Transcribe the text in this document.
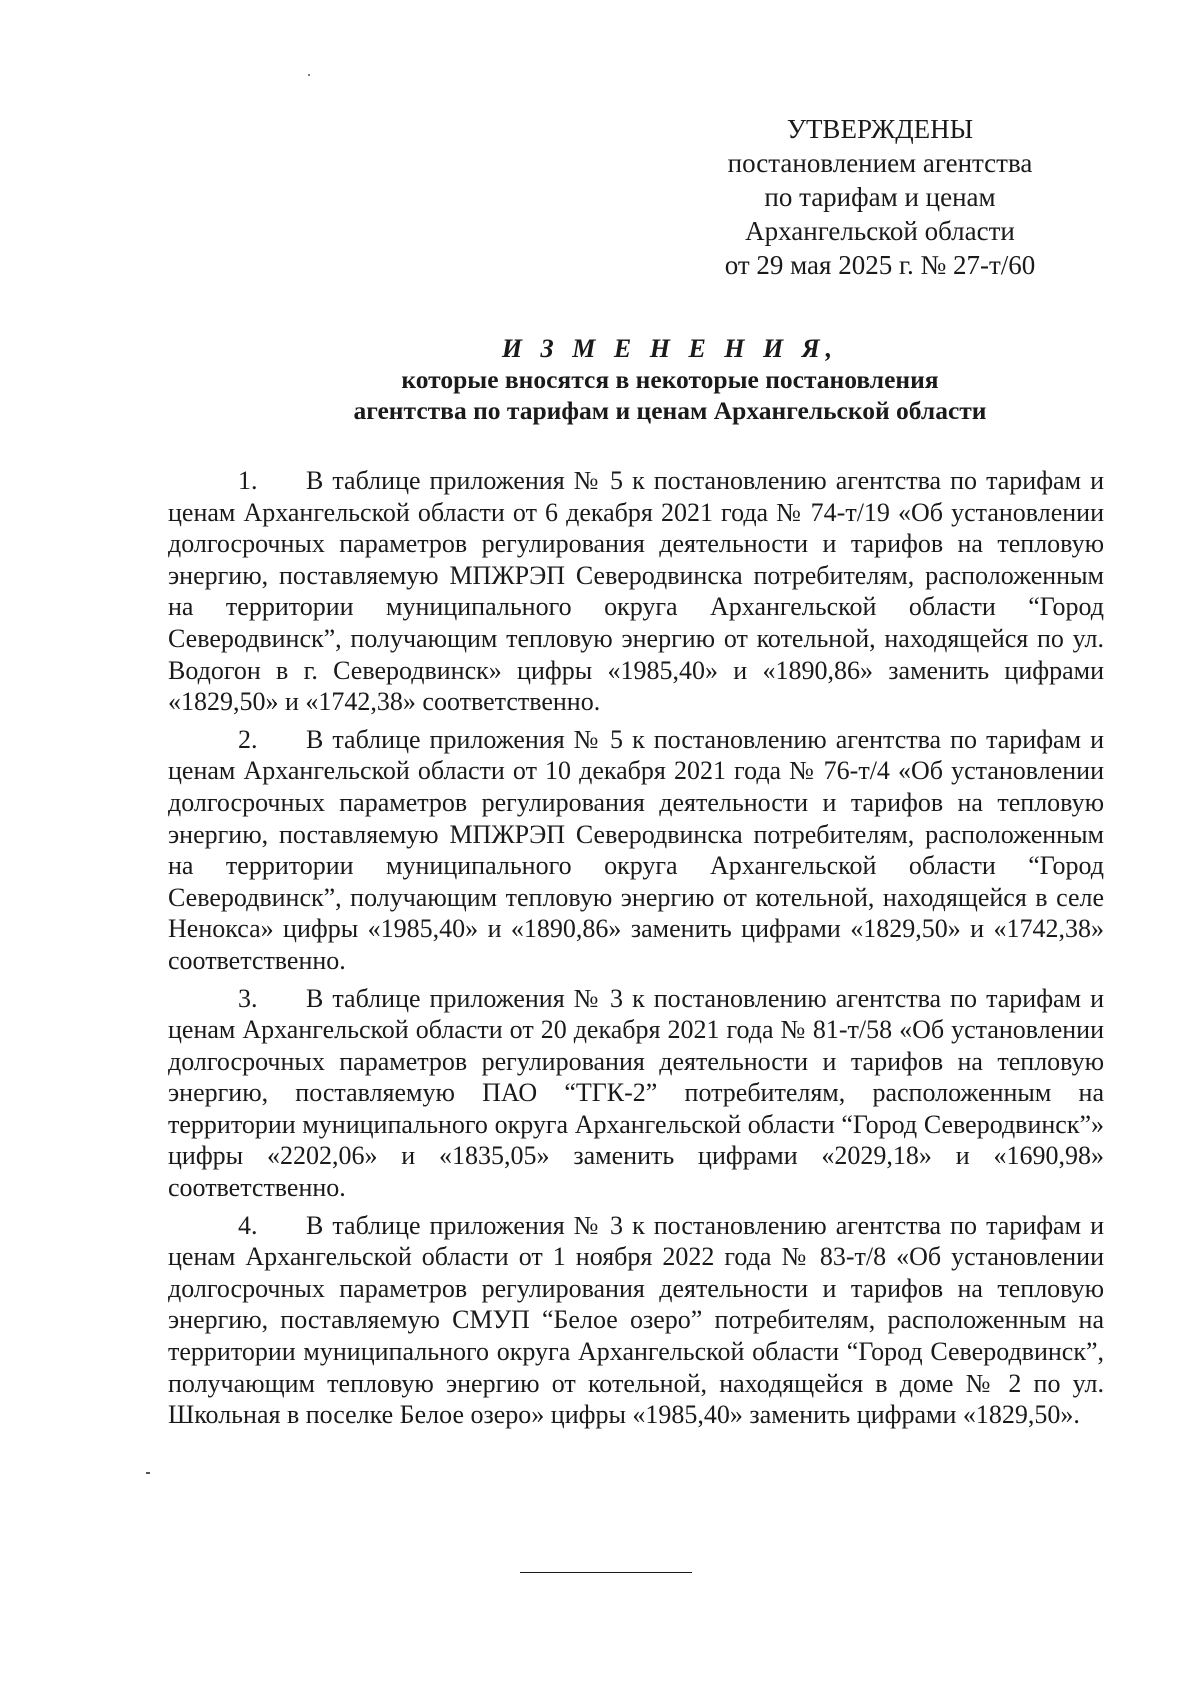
УТВЕРЖДЕНЫ
постановлением агентства
по тарифам и ценам
Архангельской области
от 29 мая 2025 г. № 27-т/60
И З М Е Н Е Н И Я,
которые вносятся в некоторые постановления
агентства по тарифам и ценам Архангельской области

1. В таблице приложения № 5 к постановлению агентства по тарифам и ценам Архангельской области от 6 декабря 2021 года № 74-т/19 «Об установлении долгосрочных параметров регулирования деятельности и тарифов на тепловую энергию, поставляемую МПЖРЭП Северодвинска потребителям, расположенным на территории муниципального округа Архангельской области “Город Северодвинск”, получающим тепловую энергию от котельной, находящейся по ул. Водогон в г. Северодвинск» цифры «1985,40» и «1890,86» заменить цифрами «1829,50» и «1742,38» соответственно.

2. В таблице приложения № 5 к постановлению агентства по тарифам и ценам Архангельской области от 10 декабря 2021 года № 76-т/4 «Об установлении долгосрочных параметров регулирования деятельности и тарифов на тепловую энергию, поставляемую МПЖРЭП Северодвинска потребителям, расположенным на территории муниципального округа Архангельской области “Город Северодвинск”, получающим тепловую энергию от котельной, находящейся в селе Ненокса» цифры «1985,40» и «1890,86» заменить цифрами «1829,50» и «1742,38» соответственно.

3. В таблице приложения № 3 к постановлению агентства по тарифам и ценам Архангельской области от 20 декабря 2021 года № 81-т/58 «Об установлении долгосрочных параметров регулирования деятельности и тарифов на тепловую энергию, поставляемую ПАО “ТГК-2” потребителям, расположенным на территории муниципального округа Архангельской области “Город Северодвинск”» цифры «2202,06» и «1835,05» заменить цифрами «2029,18» и «1690,98» соответственно.

4. В таблице приложения № 3 к постановлению агентства по тарифам и ценам Архангельской области от 1 ноября 2022 года № 83-т/8 «Об установлении долгосрочных параметров регулирования деятельности и тарифов на тепловую энергию, поставляемую СМУП “Белое озеро” потребителям, расположенным на территории муниципального округа Архангельской области “Город Северодвинск”, получающим тепловую энергию от котельной, находящейся в доме № 2 по ул. Школьная в поселке Белое озеро» цифры «1985,40» заменить цифрами «1829,50».
